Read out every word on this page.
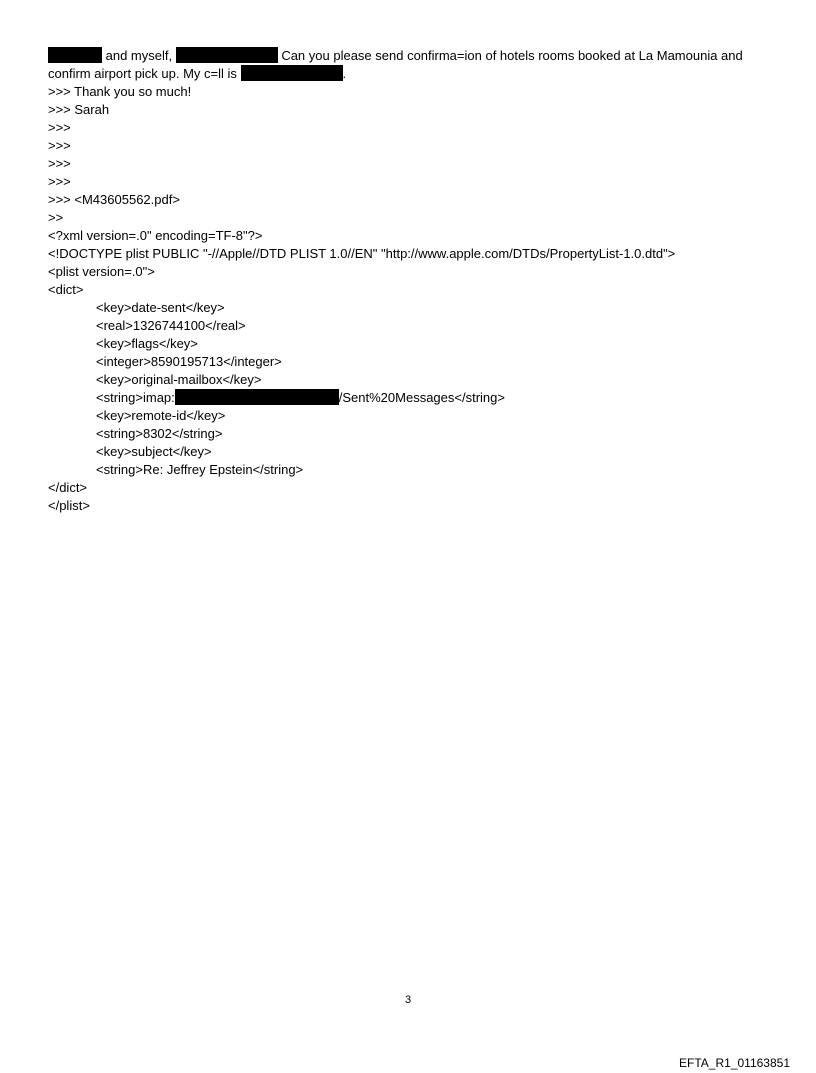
and myself,	Can you please send confirma=ion of hotels rooms booked at La Mamounia and
confirm airport pick up. My c=ll is	.
>>> Thank you so much!
>>> Sarah
>>>
>>>
>>>
>>>
>>> <M43605562.pdf>
>>
<?xml version=.0" encoding=TF-8"?>
<!DOCTYPE plist PUBLIC "-//Apple//DTD PLIST 1.0//EN" "http://www.apple.com/DTDs/PropertyList-1.0.dtd">
<plist version=.0">
<dict>
<key>date-sent</key>
<real>1326744100</real>
<key>flags</key>
<integer>8590195713</integer>
<key>original-mailbox</key>
<string>imap:	/Sent%20Messages</string>
<key>remote-id</key>
<string>8302</string>
<key>subject</key>
<string>Re: Jeffrey Epstein</string>
</dict>
</plist>
3
EFTA_R1_01163851
